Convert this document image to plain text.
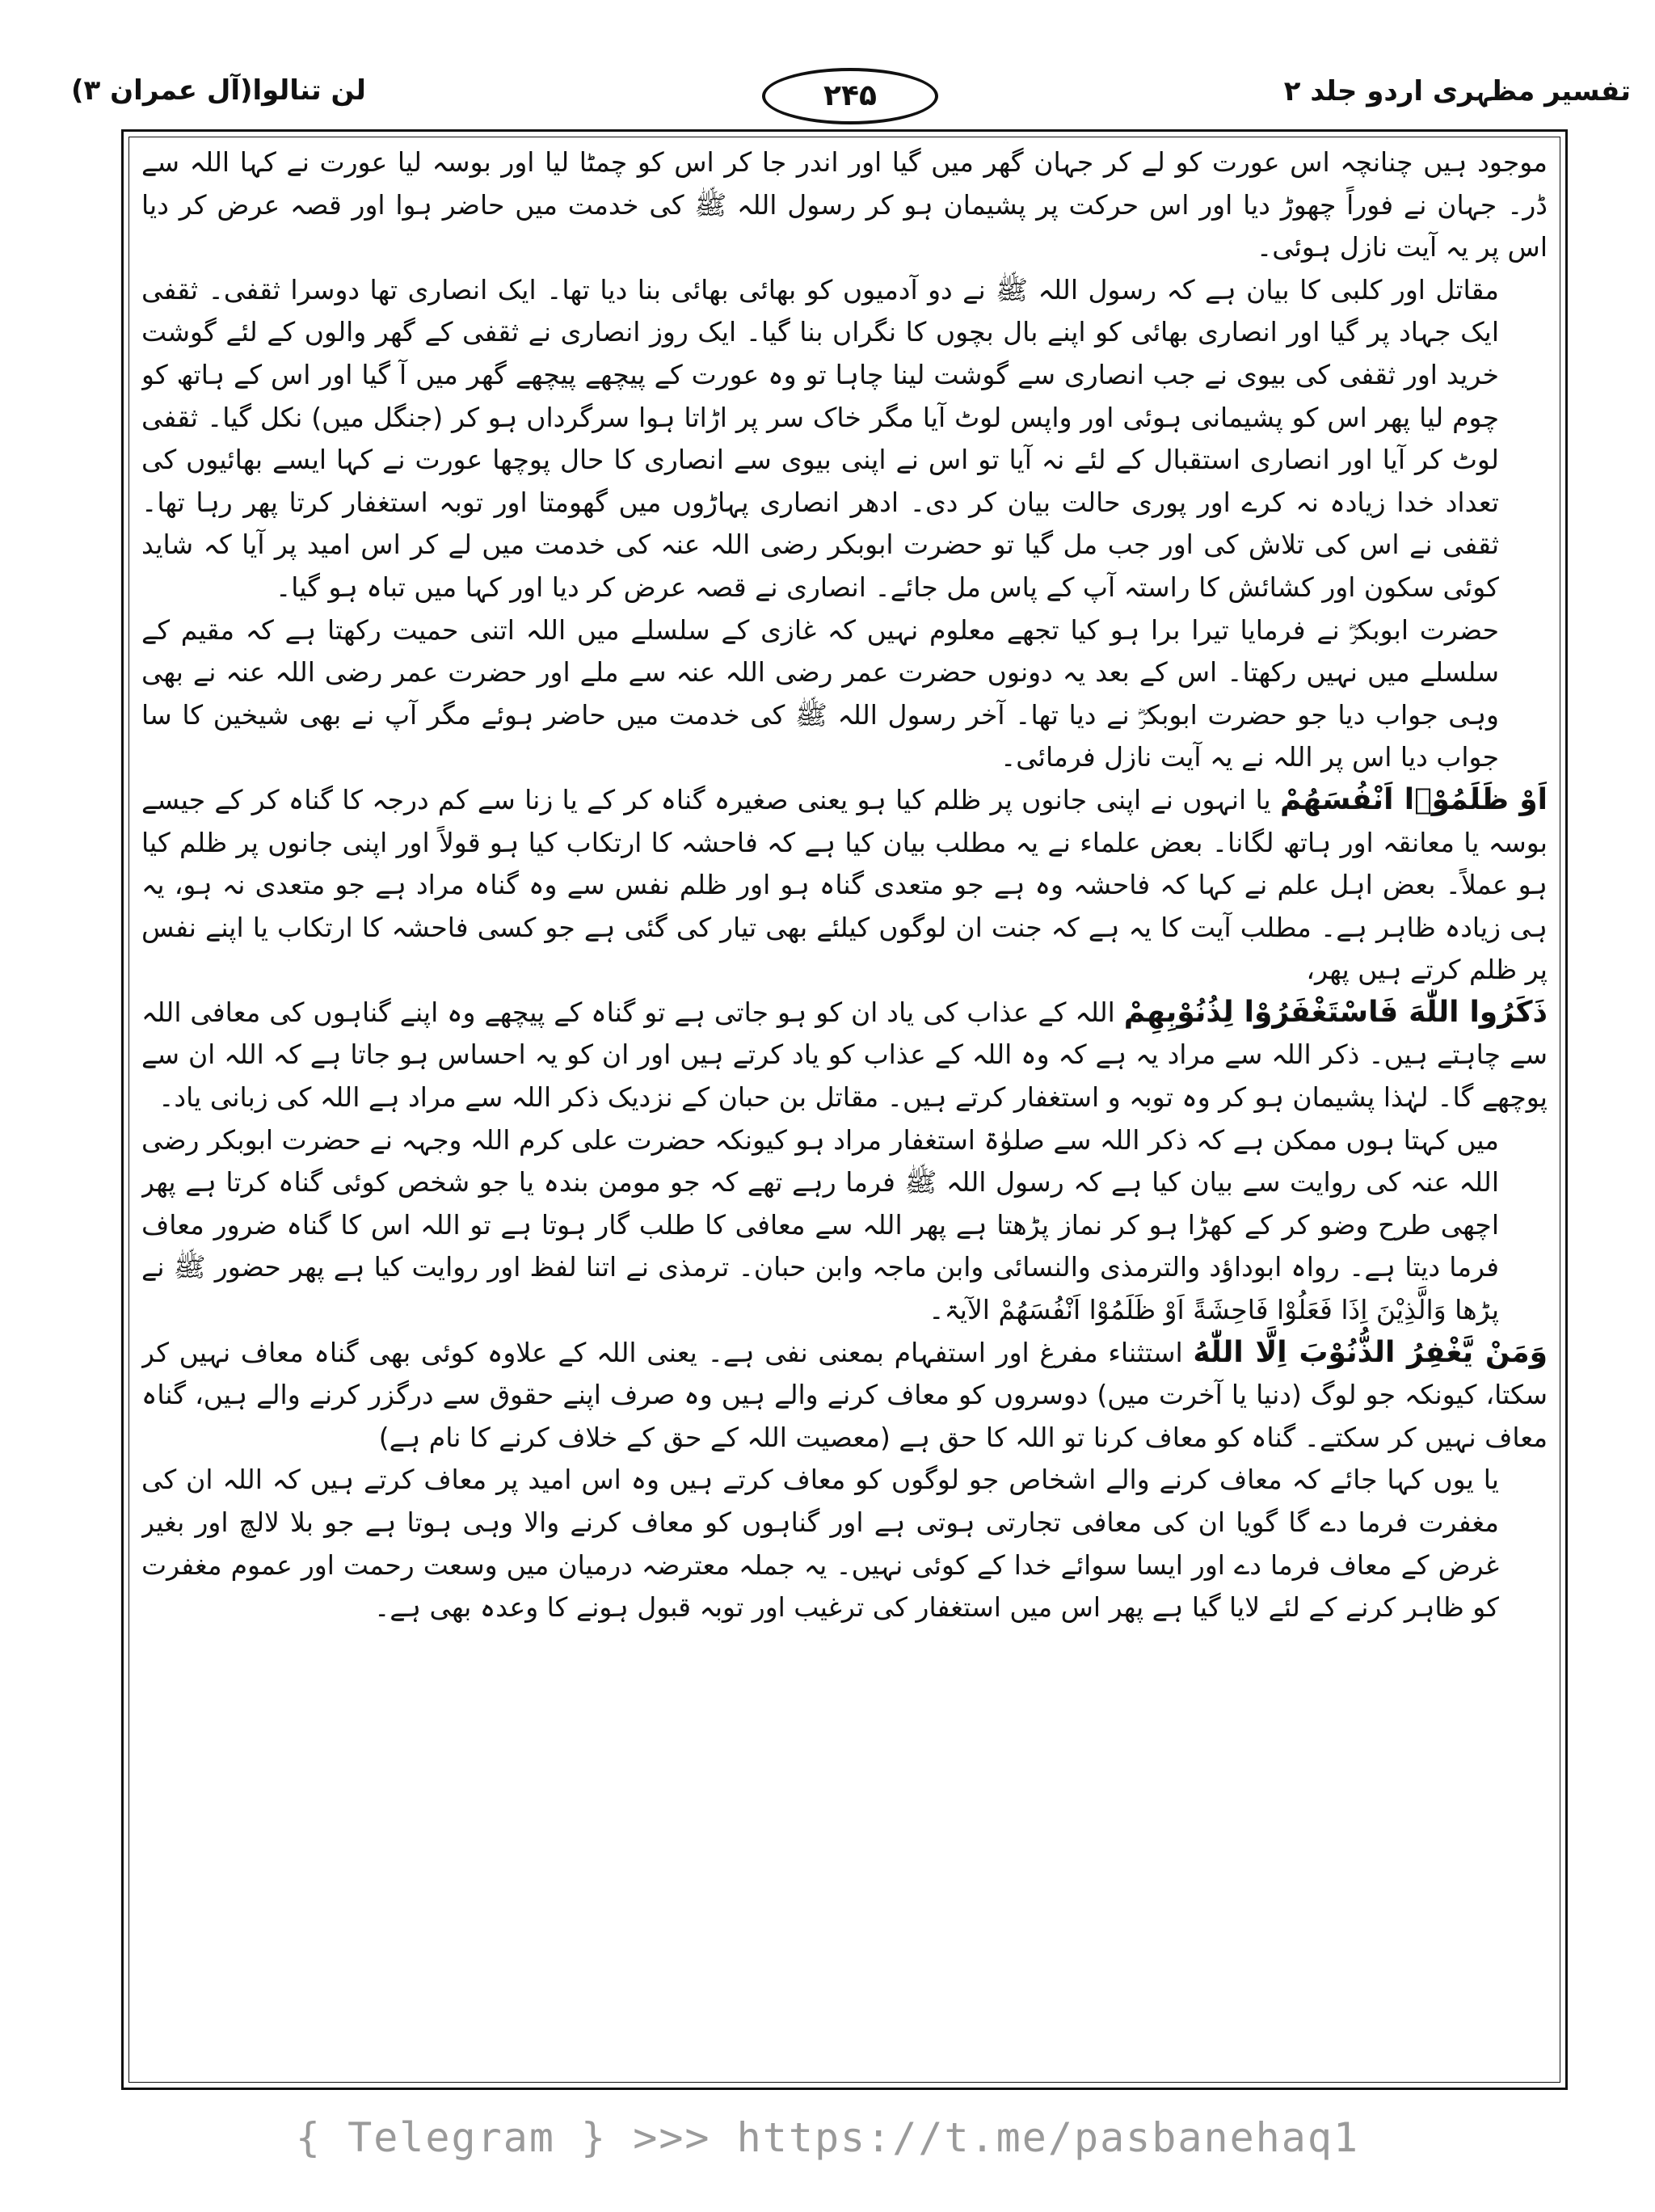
تفسیر مظہری اردو جلد ۲
۲۴۵
لن تنالوا(آل عمران ۳)

موجود ہیں چنانچہ اس عورت کو لے کر جہان گھر میں گیا اور اندر جا کر اس کو چمٹا لیا اور بوسہ لیا عورت نے کہا اللہ سے ڈر۔ جہان نے فوراً چھوڑ دیا اور اس حرکت پر پشیمان ہو کر رسول اللہ ﷺ کی خدمت میں حاضر ہوا اور قصہ عرض کر دیا اس پر یہ آیت نازل ہوئی۔

مقاتل اور کلبی کا بیان ہے کہ رسول اللہ ﷺ نے دو آدمیوں کو بھائی بھائی بنا دیا تھا۔ ایک انصاری تھا دوسرا ثقفی۔ ثقفی ایک جہاد پر گیا اور انصاری بھائی کو اپنے بال بچوں کا نگراں بنا گیا۔ ایک روز انصاری نے ثقفی کے گھر والوں کے لئے گوشت خرید اور ثقفی کی بیوی نے جب انصاری سے گوشت لینا چاہا تو وہ عورت کے پیچھے پیچھے گھر میں آ گیا اور اس کے ہاتھ کو چوم لیا پھر اس کو پشیمانی ہوئی اور واپس لوٹ آیا مگر خاک سر پر اڑاتا ہوا سرگرداں ہو کر (جنگل میں) نکل گیا۔ ثقفی لوٹ کر آیا اور انصاری استقبال کے لئے نہ آیا تو اس نے اپنی بیوی سے انصاری کا حال پوچھا عورت نے کہا ایسے بھائیوں کی تعداد خدا زیادہ نہ کرے اور پوری حالت بیان کر دی۔ ادھر انصاری پہاڑوں میں گھومتا اور توبہ استغفار کرتا پھر رہا تھا۔ ثقفی نے اس کی تلاش کی اور جب مل گیا تو حضرت ابوبکر رضی اللہ عنہ کی خدمت میں لے کر اس امید پر آیا کہ شاید کوئی سکون اور کشائش کا راستہ آپ کے پاس مل جائے۔ انصاری نے قصہ عرض کر دیا اور کہا میں تباہ ہو گیا۔

حضرت ابوبکرؓ نے فرمایا تیرا برا ہو کیا تجھے معلوم نہیں کہ غازی کے سلسلے میں اللہ اتنی حمیت رکھتا ہے کہ مقیم کے سلسلے میں نہیں رکھتا۔ اس کے بعد یہ دونوں حضرت عمر رضی اللہ عنہ سے ملے اور حضرت عمر رضی اللہ عنہ نے بھی وہی جواب دیا جو حضرت ابوبکرؓ نے دیا تھا۔ آخر رسول اللہ ﷺ کی خدمت میں حاضر ہوئے مگر آپ نے بھی شیخین کا سا جواب دیا اس پر اللہ نے یہ آیت نازل فرمائی۔

اَوْ ظَلَمُوْۤا اَنْفُسَهُمْ یا انہوں نے اپنی جانوں پر ظلم کیا ہو یعنی صغیرہ گناہ کر کے یا زنا سے کم درجہ کا گناہ کر کے جیسے بوسہ یا معانقہ اور ہاتھ لگانا۔ بعض علماء نے یہ مطلب بیان کیا ہے کہ فاحشہ کا ارتکاب کیا ہو قولاً اور اپنی جانوں پر ظلم کیا ہو عملاً۔ بعض اہل علم نے کہا کہ فاحشہ وہ ہے جو متعدی گناہ ہو اور ظلم نفس سے وہ گناہ مراد ہے جو متعدی نہ ہو، یہ ہی زیادہ ظاہر ہے۔ مطلب آیت کا یہ ہے کہ جنت ان لوگوں کیلئے بھی تیار کی گئی ہے جو کسی فاحشہ کا ارتکاب یا اپنے نفس پر ظلم کرتے ہیں پھر،

ذَكَرُوا اللّٰهَ فَاسْتَغْفَرُوْا لِذُنُوْبِهِمْ اللہ کے عذاب کی یاد ان کو ہو جاتی ہے تو گناہ کے پیچھے وہ اپنے گناہوں کی معافی اللہ سے چاہتے ہیں۔ ذکر اللہ سے مراد یہ ہے کہ وہ اللہ کے عذاب کو یاد کرتے ہیں اور ان کو یہ احساس ہو جاتا ہے کہ اللہ ان سے پوچھے گا۔ لہٰذا پشیمان ہو کر وہ توبہ و استغفار کرتے ہیں۔ مقاتل بن حبان کے نزدیک ذکر اللہ سے مراد ہے اللہ کی زبانی یاد۔

میں کہتا ہوں ممکن ہے کہ ذکر اللہ سے صلوٰۃ استغفار مراد ہو کیونکہ حضرت علی کرم اللہ وجہہ نے حضرت ابوبکر رضی اللہ عنہ کی روایت سے بیان کیا ہے کہ رسول اللہ ﷺ فرما رہے تھے کہ جو مومن بندہ یا جو شخص کوئی گناہ کرتا ہے پھر اچھی طرح وضو کر کے کھڑا ہو کر نماز پڑھتا ہے پھر اللہ سے معافی کا طلب گار ہوتا ہے تو اللہ اس کا گناہ ضرور معاف فرما دیتا ہے۔ رواہ ابوداؤد والترمذی والنسائی وابن ماجہ وابن حبان۔ ترمذی نے اتنا لفظ اور روایت کیا ہے پھر حضور ﷺ نے پڑھا وَالَّذِيْنَ اِذَا فَعَلُوْا فَاحِشَةً اَوْ ظَلَمُوْا اَنْفُسَهُمْ الآیۃ۔

وَمَنْ يَّغْفِرُ الذُّنُوْبَ اِلَّا اللّٰهُ استثناء مفرغ اور استفہام بمعنی نفی ہے۔ یعنی اللہ کے علاوہ کوئی بھی گناہ معاف نہیں کر سکتا، کیونکہ جو لوگ (دنیا یا آخرت میں) دوسروں کو معاف کرنے والے ہیں وہ صرف اپنے حقوق سے درگزر کرنے والے ہیں، گناہ معاف نہیں کر سکتے۔ گناہ کو معاف کرنا تو اللہ کا حق ہے (معصیت اللہ کے حق کے خلاف کرنے کا نام ہے)

یا یوں کہا جائے کہ معاف کرنے والے اشخاص جو لوگوں کو معاف کرتے ہیں وہ اس امید پر معاف کرتے ہیں کہ اللہ ان کی مغفرت فرما دے گا گویا ان کی معافی تجارتی ہوتی ہے اور گناہوں کو معاف کرنے والا وہی ہوتا ہے جو بلا لالچ اور بغیر غرض کے معاف فرما دے اور ایسا سوائے خدا کے کوئی نہیں۔ یہ جملہ معترضہ درمیان میں وسعت رحمت اور عموم مغفرت کو ظاہر کرنے کے لئے لایا گیا ہے پھر اس میں استغفار کی ترغیب اور توبہ قبول ہونے کا وعدہ بھی ہے۔

{ Telegram } >>> https://t.me/pasbanehaq1
